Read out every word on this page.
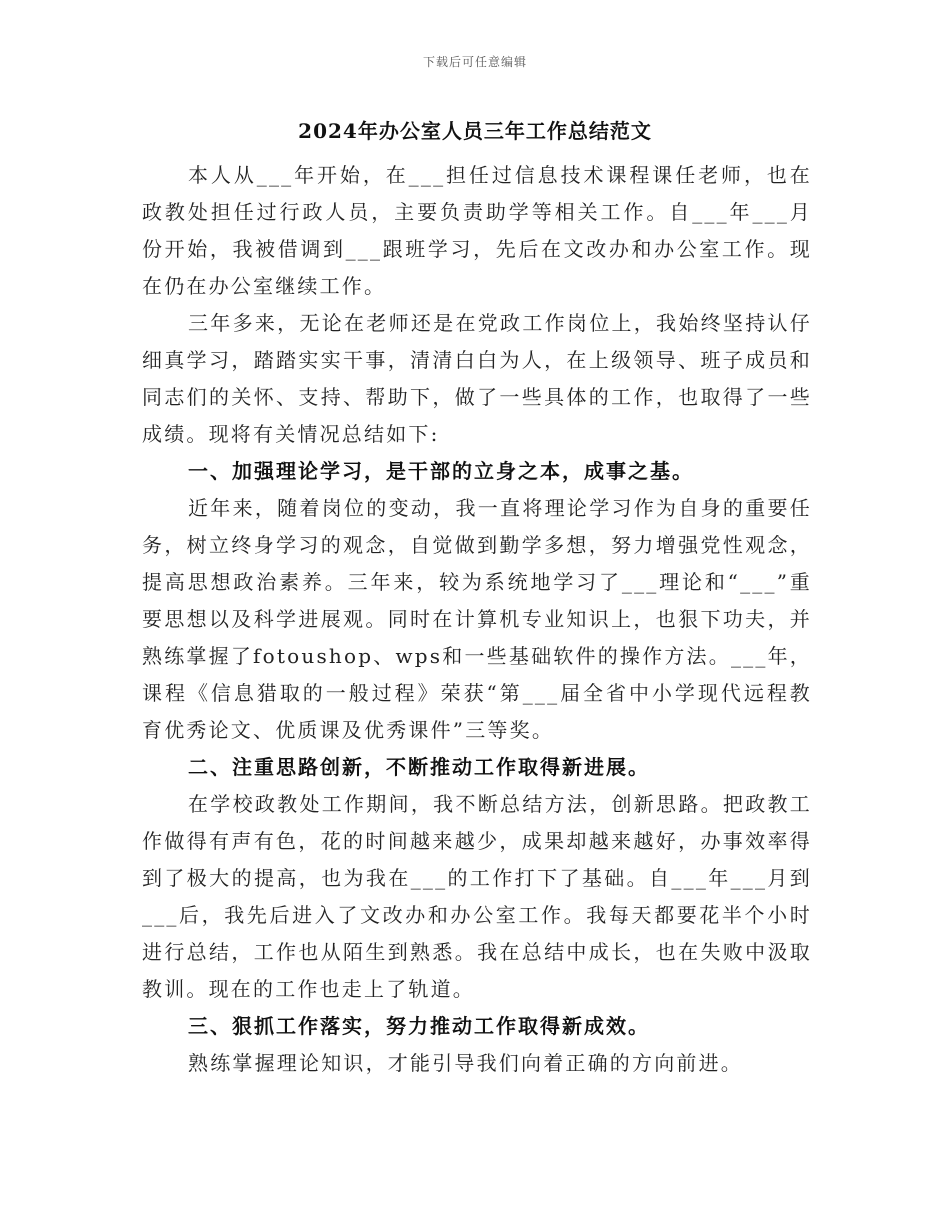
下载后可任意编辑
2024年办公室人员三年工作总结范文

本人从___年开始，在___担任过信息技术课程课任老师，也在政教处担任过行政人员，主要负责助学等相关工作。自___年___月份开始，我被借调到___跟班学习，先后在文改办和办公室工作。现在仍在办公室继续工作。

三年多来，无论在老师还是在党政工作岗位上，我始终坚持认仔细真学习，踏踏实实干事，清清白白为人，在上级领导、班子成员和同志们的关怀、支持、帮助下，做了一些具体的工作，也取得了一些成绩。现将有关情况总结如下:

一、加强理论学习，是干部的立身之本，成事之基。

近年来，随着岗位的变动，我一直将理论学习作为自身的重要任务，树立终身学习的观念，自觉做到勤学多想，努力增强党性观念，提高思想政治素养。三年来，较为系统地学习了___理论和“___”重要思想以及科学进展观。同时在计算机专业知识上，也狠下功夫，并熟练掌握了fotoushop、wps和一些基础软件的操作方法。___年，课程《信息猎取的一般过程》荣获“第___届全省中小学现代远程教育优秀论文、优质课及优秀课件”三等奖。

二、注重思路创新，不断推动工作取得新进展。

在学校政教处工作期间，我不断总结方法，创新思路。把政教工作做得有声有色，花的时间越来越少，成果却越来越好，办事效率得到了极大的提高，也为我在___的工作打下了基础。自___年___月到___后，我先后进入了文改办和办公室工作。我每天都要花半个小时进行总结，工作也从陌生到熟悉。我在总结中成长，也在失败中汲取教训。现在的工作也走上了轨道。

三、狠抓工作落实，努力推动工作取得新成效。

熟练掌握理论知识，才能引导我们向着正确的方向前进。
